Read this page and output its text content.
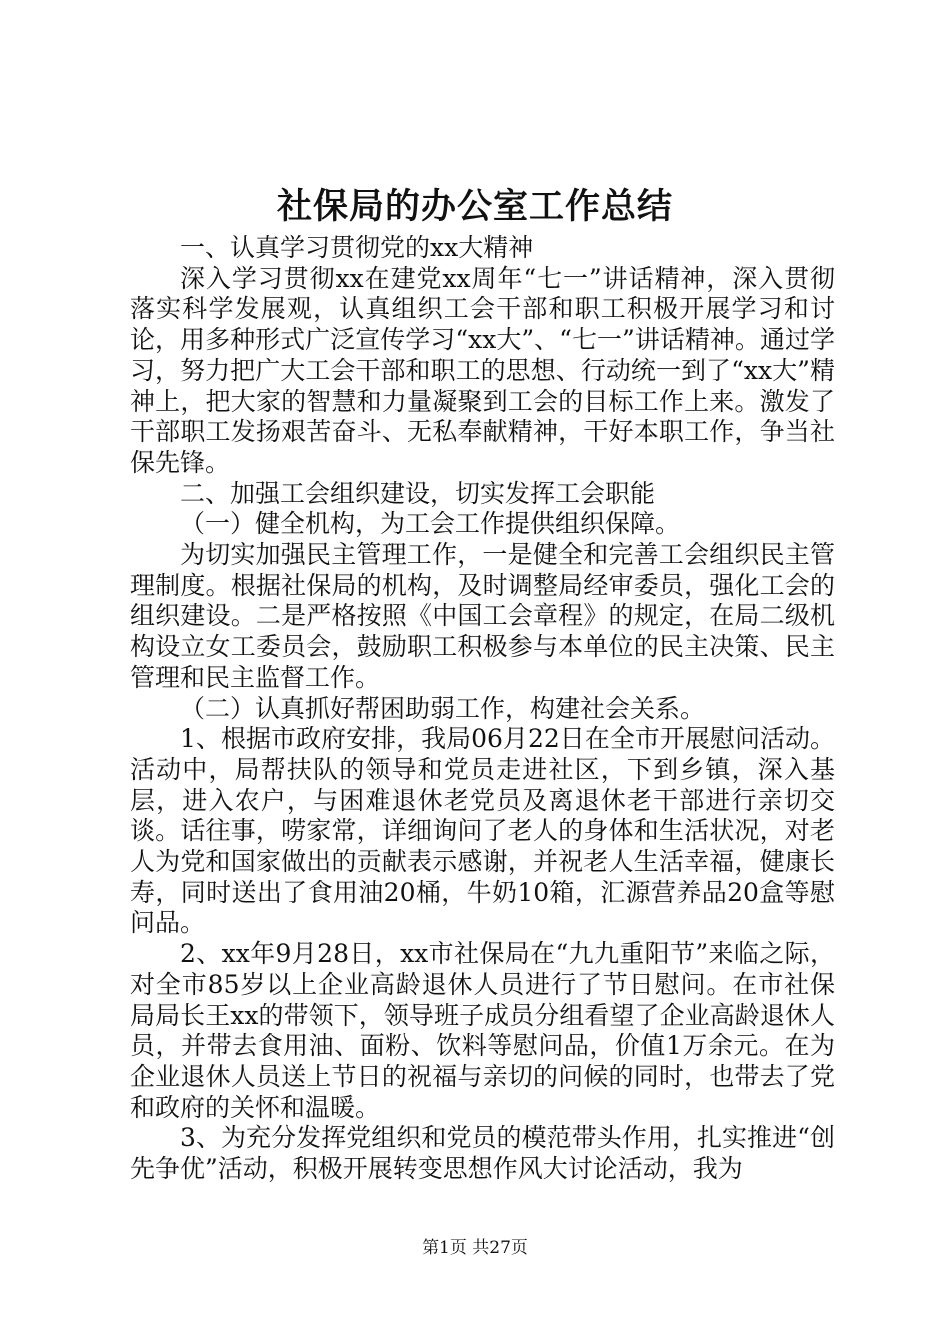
社保局的办公室工作总结

一、认真学习贯彻党的xx大精神

深入学习贯彻xx在建党xx周年“七一”讲话精神，深入贯彻落实科学发展观，认真组织工会干部和职工积极开展学习和讨论，用多种形式广泛宣传学习“xx大”、“七一”讲话精神。通过学习，努力把广大工会干部和职工的思想、行动统一到了“xx大”精神上，把大家的智慧和力量凝聚到工会的目标工作上来。激发了干部职工发扬艰苦奋斗、无私奉献精神，干好本职工作，争当社保先锋。

二、加强工会组织建设，切实发挥工会职能

（一）健全机构，为工会工作提供组织保障。

为切实加强民主管理工作，一是健全和完善工会组织民主管理制度。根据社保局的机构，及时调整局经审委员，强化工会的组织建设。二是严格按照《中国工会章程》的规定，在局二级机构设立女工委员会，鼓励职工积极参与本单位的民主决策、民主管理和民主监督工作。

（二）认真抓好帮困助弱工作，构建社会关系。

1、根据市政府安排，我局06月22日在全市开展慰问活动。活动中，局帮扶队的领导和党员走进社区，下到乡镇，深入基层，进入农户，与困难退休老党员及离退休老干部进行亲切交谈。话往事，唠家常，详细询问了老人的身体和生活状况，对老人为党和国家做出的贡献表示感谢，并祝老人生活幸福，健康长寿，同时送出了食用油20桶，牛奶10箱，汇源营养品20盒等慰问品。

2、xx年9月28日，xx市社保局在“九九重阳节”来临之际，对全市85岁以上企业高龄退休人员进行了节日慰问。在市社保局局长王xx的带领下，领导班子成员分组看望了企业高龄退休人员，并带去食用油、面粉、饮料等慰问品，价值1万余元。在为企业退休人员送上节日的祝福与亲切的问候的同时，也带去了党和政府的关怀和温暖。

3、为充分发挥党组织和党员的模范带头作用，扎实推进“创先争优”活动，积极开展转变思想作风大讨论活动，我为

第1页 共27页
